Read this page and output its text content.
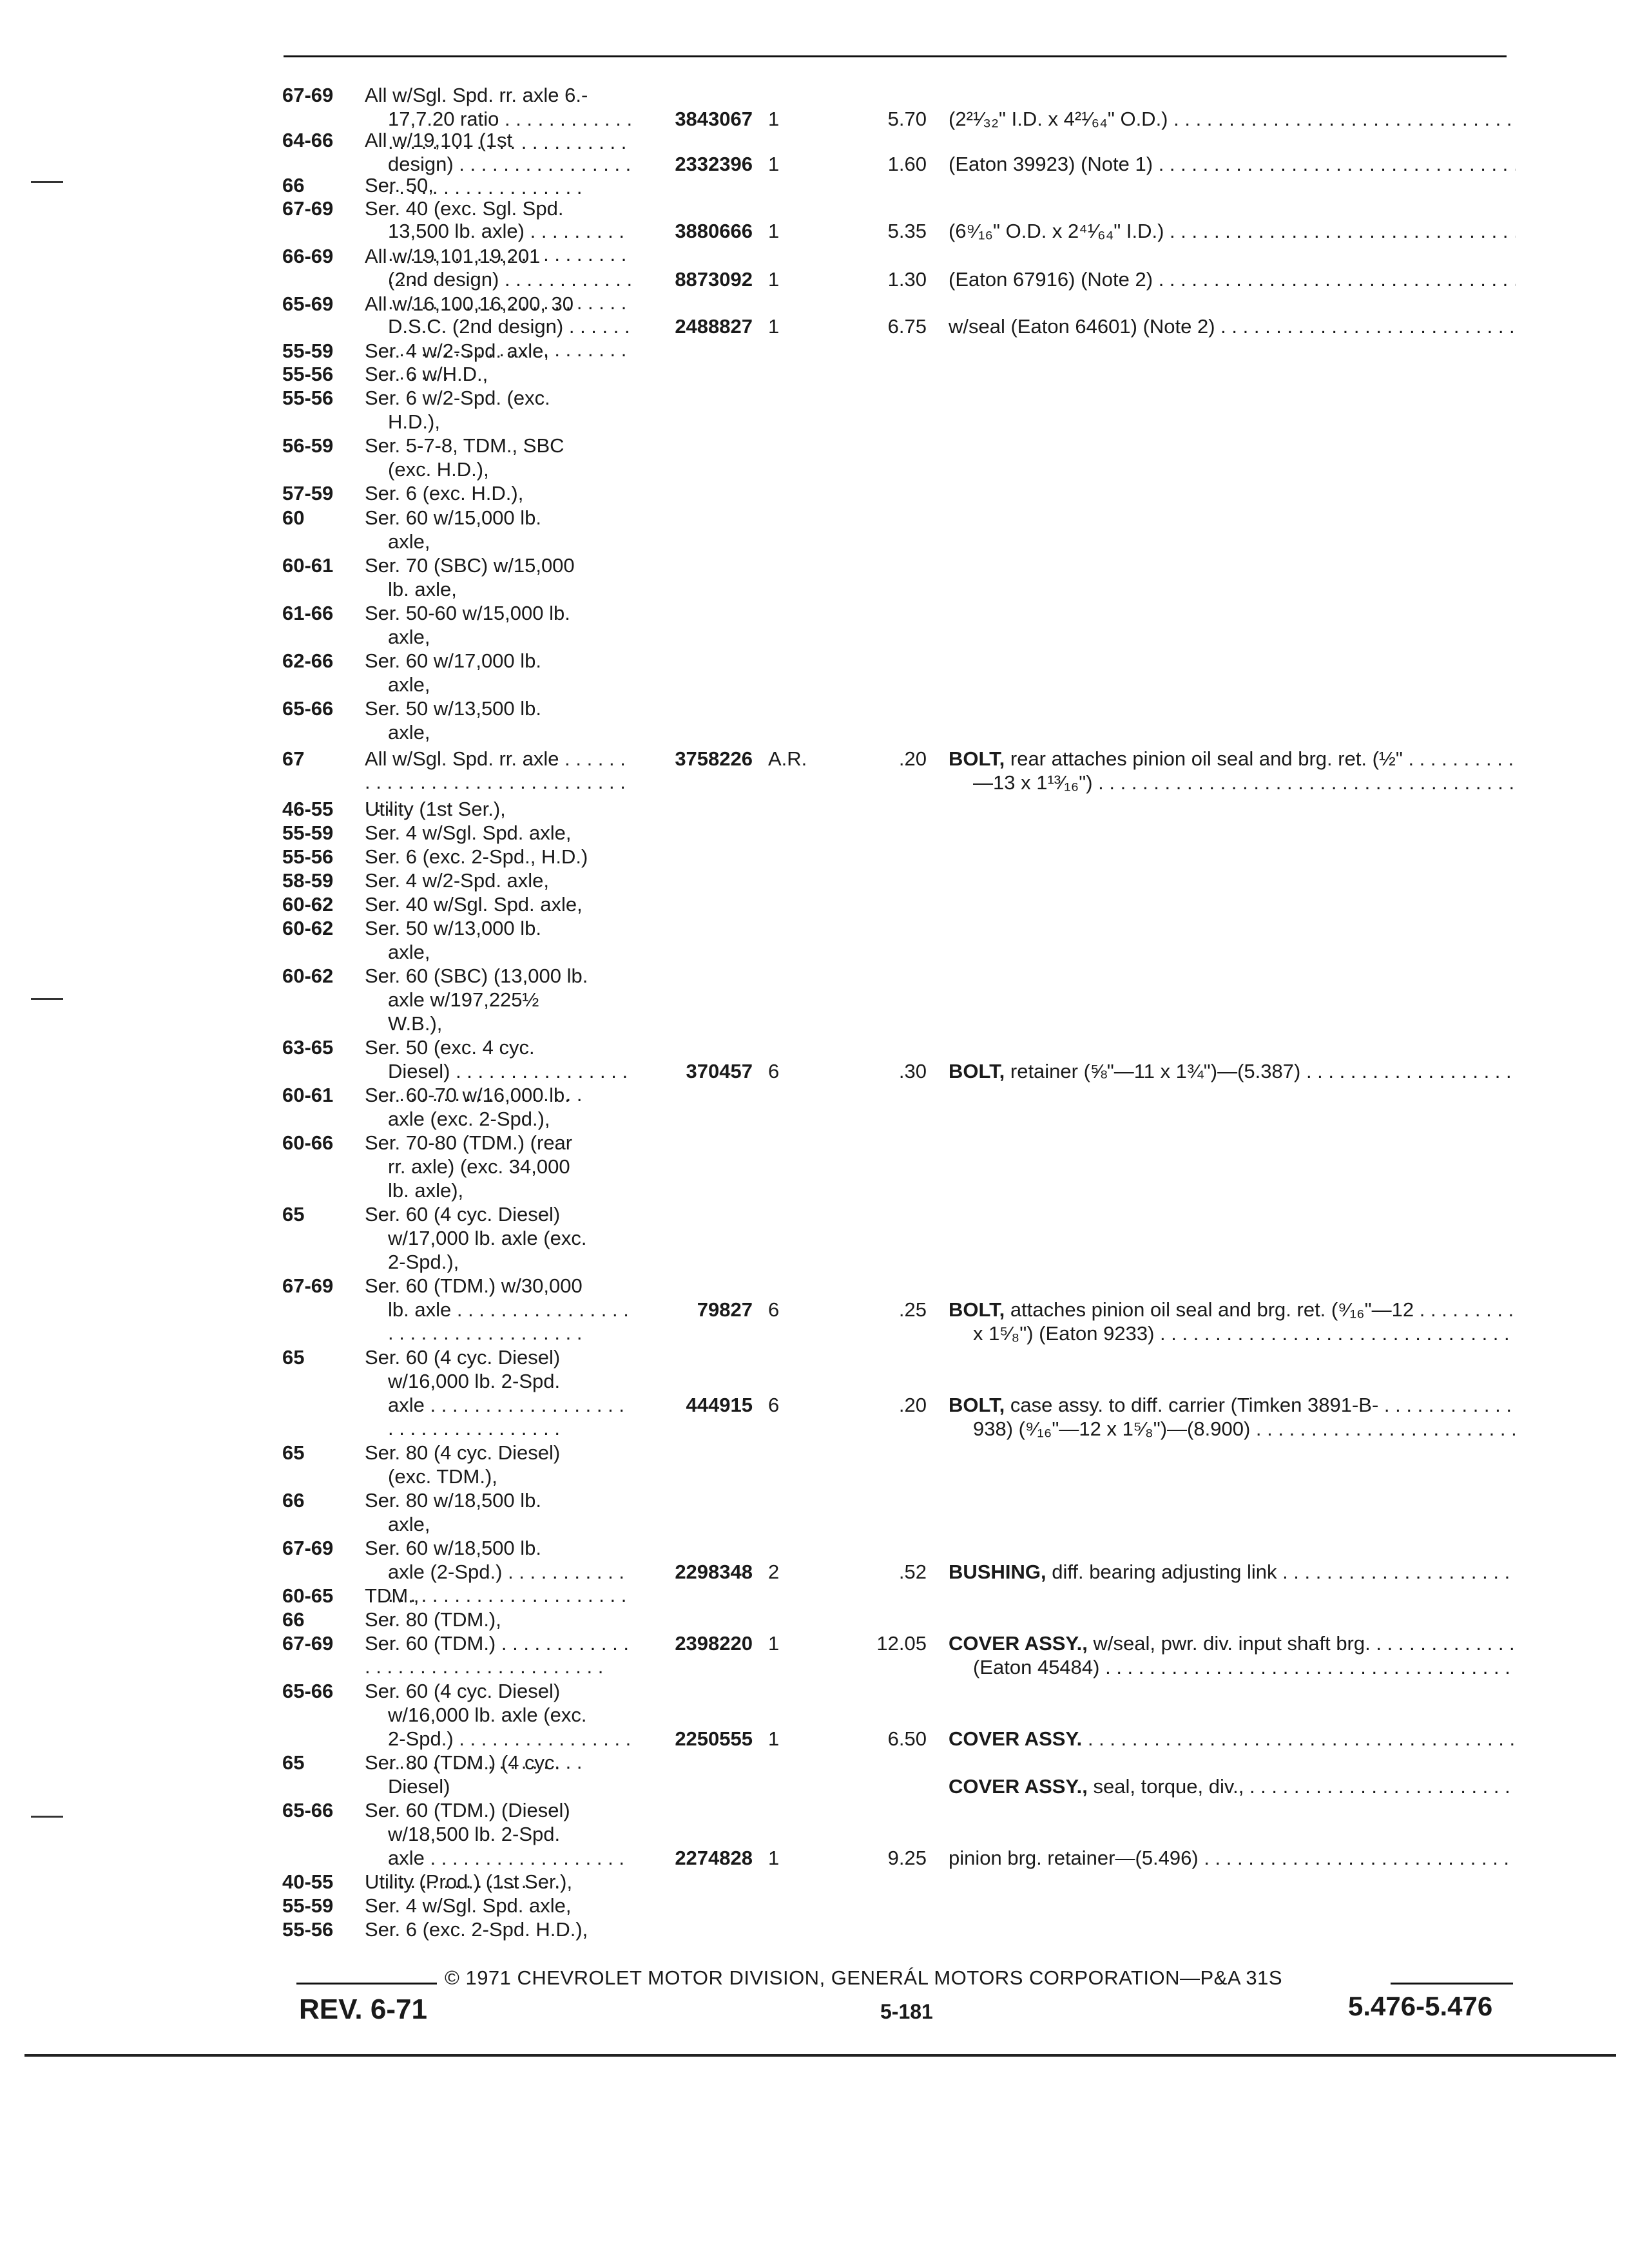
67-69	All w/Sgl. Spd. rr. axle 6.-
17,7.20 ratio . . .	3843067 1	5.70 (2²¹⁄₃₂" I.D. x 4²¹⁄₆₄" O.D.) . . .
64-66	All w/19,101 (1st
design) . . .	2332396 1	1.60 (Eaton 39923) (Note 1) . . .
66	Ser. 50,
67-69	Ser. 40 (exc. Sgl. Spd.
13,500 lb. axle) . . .	3880666 1	5.35 (6⁹⁄₁₆" O.D. x 2⁴¹⁄₆₄" I.D.) . . .
66-69	All w/19,101,19,201
(2nd design) . . .	8873092 1	1.30 (Eaton 67916) (Note 2) . . .
65-69	All w/16,100,16,200, 30
D.S.C. (2nd design) . . .	2488827 1	6.75 w/seal (Eaton 64601) (Note 2) . . .
55-59	Ser. 4 w/2-Spd. axle,
55-56	Ser. 6 w/H.D.,
55-56	Ser. 6 w/2-Spd. (exc.
H.D.),
56-59	Ser. 5-7-8, TDM., SBC
(exc. H.D.),
57-59	Ser. 6 (exc. H.D.),
60	Ser. 60 w/15,000 lb.
axle,
60-61	Ser. 70 (SBC) w/15,000
lb. axle,
61-66	Ser. 50-60 w/15,000 lb.
axle,
62-66	Ser. 60 w/17,000 lb.
axle,
65-66	Ser. 50 w/13,500 lb.
axle,
67	All w/Sgl. Spd. rr. axle . . .	3758226 A.R.	.20 BOLT, rear attaches pinion oil seal and brg. ret. (½" . . .
—13 x 1¹³⁄₁₆") . . .
46-55	Utility (1st Ser.),
55-59	Ser. 4 w/Sgl. Spd. axle,
55-56	Ser. 6 (exc. 2-Spd., H.D.)
58-59	Ser. 4 w/2-Spd. axle,
60-62	Ser. 40 w/Sgl. Spd. axle,
60-62	Ser. 50 w/13,000 lb.
axle,
60-62	Ser. 60 (SBC) (13,000 lb.
axle w/197,225½
W.B.),
63-65	Ser. 50 (exc. 4 cyc.
Diesel) . . .	370457 6	.30 BOLT, retainer (⅝"—11 x 1¾")—(5.387) . . .
60-61	Ser. 60-70 w/16,000 lb.
axle (exc. 2-Spd.),
60-66	Ser. 70-80 (TDM.) (rear
rr. axle) (exc. 34,000
lb. axle),
65	Ser. 60 (4 cyc. Diesel)
w/17,000 lb. axle (exc.
2-Spd.),
67-69	Ser. 60 (TDM.) w/30,000
lb. axle . . .	79827 6	.25 BOLT, attaches pinion oil seal and brg. ret. (⁹⁄₁₆"—12 . . .
x 1⁵⁄₈") (Eaton 9233) . . .
65	Ser. 60 (4 cyc. Diesel)
w/16,000 lb. 2-Spd.
axle . . .	444915 6	.20 BOLT, case assy. to diff. carrier (Timken 3891-B- . . .
938) (⁹⁄₁₆"—12 x 1⁵⁄₈")—(8.900) . . .
65	Ser. 80 (4 cyc. Diesel)
(exc. TDM.),
66	Ser. 80 w/18,500 lb.
axle,
67-69	Ser. 60 w/18,500 lb.
axle (2-Spd.) . . .	2298348 2	.52 BUSHING, diff. bearing adjusting link . . .
60-65	TDM.,
66	Ser. 80 (TDM.),
67-69	Ser. 60 (TDM.) . . .	2398220 1	12.05 COVER ASSY., w/seal, pwr. div. input shaft brg. . . .
(Eaton 45484) . . .
65-66	Ser. 60 (4 cyc. Diesel)
w/16,000 lb. axle (exc.
2-Spd.) . . .	2250555 1	6.50 COVER ASSY. . . .
65	Ser. 80 (TDM.) (4 cyc.
Diesel)	COVER ASSY., seal, torque, div., . . .
65-66	Ser. 60 (TDM.) (Diesel)
w/18,500 lb. 2-Spd.
axle . . .	2274828 1	9.25 pinion brg. retainer—(5.496) . . .
40-55	Utility (Prod.) (1st Ser.),
55-59	Ser. 4 w/Sgl. Spd. axle,
55-56	Ser. 6 (exc. 2-Spd. H.D.),
© 1971 CHEVROLET MOTOR DIVISION, GENERÁL MOTORS CORPORATION—P&A 31S
REV. 6-71	5-181	5.476-5.476
